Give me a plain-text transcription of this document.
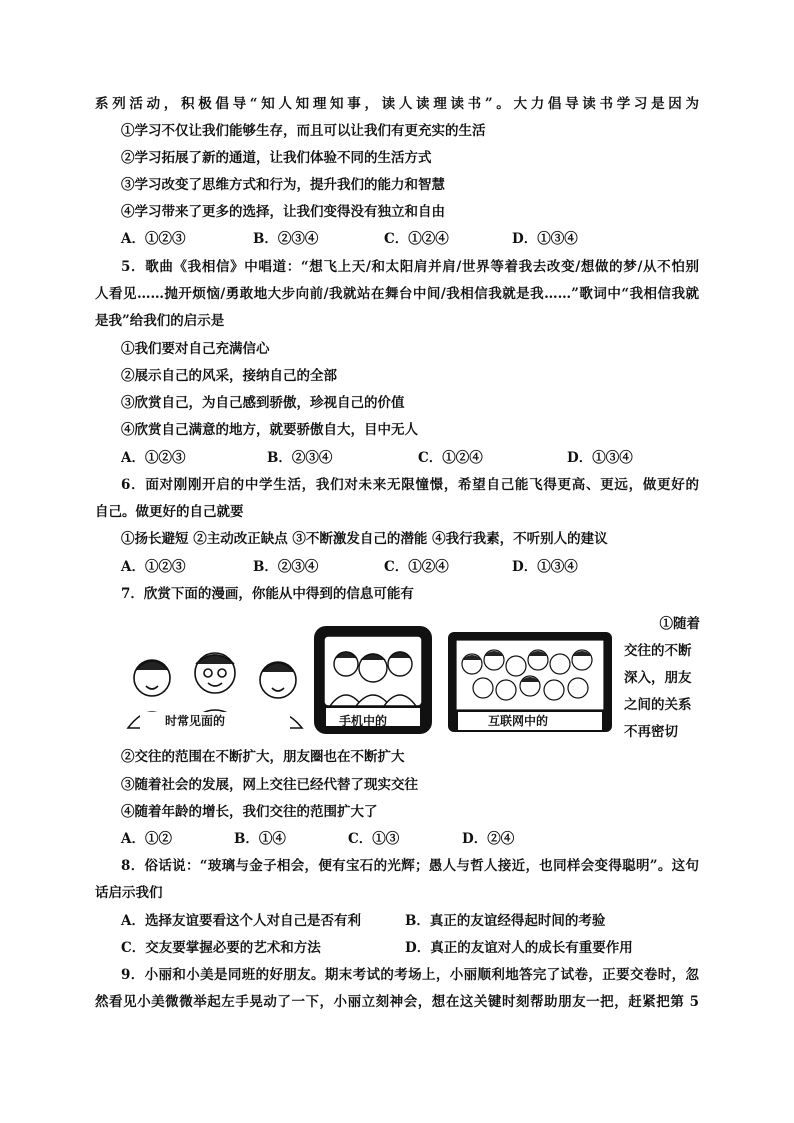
系列活动，积极倡导“知人知理知事，读人读理读书”。大力倡导读书学习是因为
①学习不仅让我们能够生存，而且可以让我们有更充实的生活
②学习拓展了新的通道，让我们体验不同的生活方式
③学习改变了思维方式和行为，提升我们的能力和智慧
④学习带来了更多的选择，让我们变得没有独立和自由
A．①②③	B．②③④	C．①②④	D．①③④
5．歌曲《我相信》中唱道：“想飞上天/和太阳肩并肩/世界等着我去改变/想做的梦/从不怕别
人看见……抛开烦恼/勇敢地大步向前/我就站在舞台中间/我相信我就是我……”歌词中“我相信我就
是我”给我们的启示是
①我们要对自己充满信心
②展示自己的风采，接纳自己的全部
③欣赏自己，为自己感到骄傲，珍视自己的价值
④欣赏自己满意的地方，就要骄傲自大，目中无人
A．①②③	B．②③④	C．①②④	D．①③④
6．面对刚刚开启的中学生活，我们对未来无限憧憬，希望自己能飞得更高、更远，做更好的
自己。做更好的自己就要
①扬长避短 ②主动改正缺点 ③不断激发自己的潜能 ④我行我素，不听别人的建议
A．①②③	B．②③④	C．①②④	D．①③④
7．欣赏下面的漫画，你能从中得到的信息可能有
时常见面的	手机中的	互联网中的
①随着
交往的不断
深入，朋友
之间的关系
不再密切
②交往的范围在不断扩大，朋友圈也在不断扩大
③随着社会的发展，网上交往已经代替了现实交往
④随着年龄的增长，我们交往的范围扩大了
A．①②	B．①④	C．①③	D．②④
8．俗话说：“玻璃与金子相会，便有宝石的光辉；愚人与哲人接近，也同样会变得聪明”。这句
话启示我们
A．选择友谊要看这个人对自己是否有利	B．真正的友谊经得起时间的考验
C．交友要掌握必要的艺术和方法	D．真正的友谊对人的成长有重要作用
9．小丽和小美是同班的好朋友。期末考试的考场上，小丽顺利地答完了试卷，正要交卷时，忽
然看见小美微微举起左手晃动了一下，小丽立刻神会，想在这关键时刻帮助朋友一把，赶紧把第 5
